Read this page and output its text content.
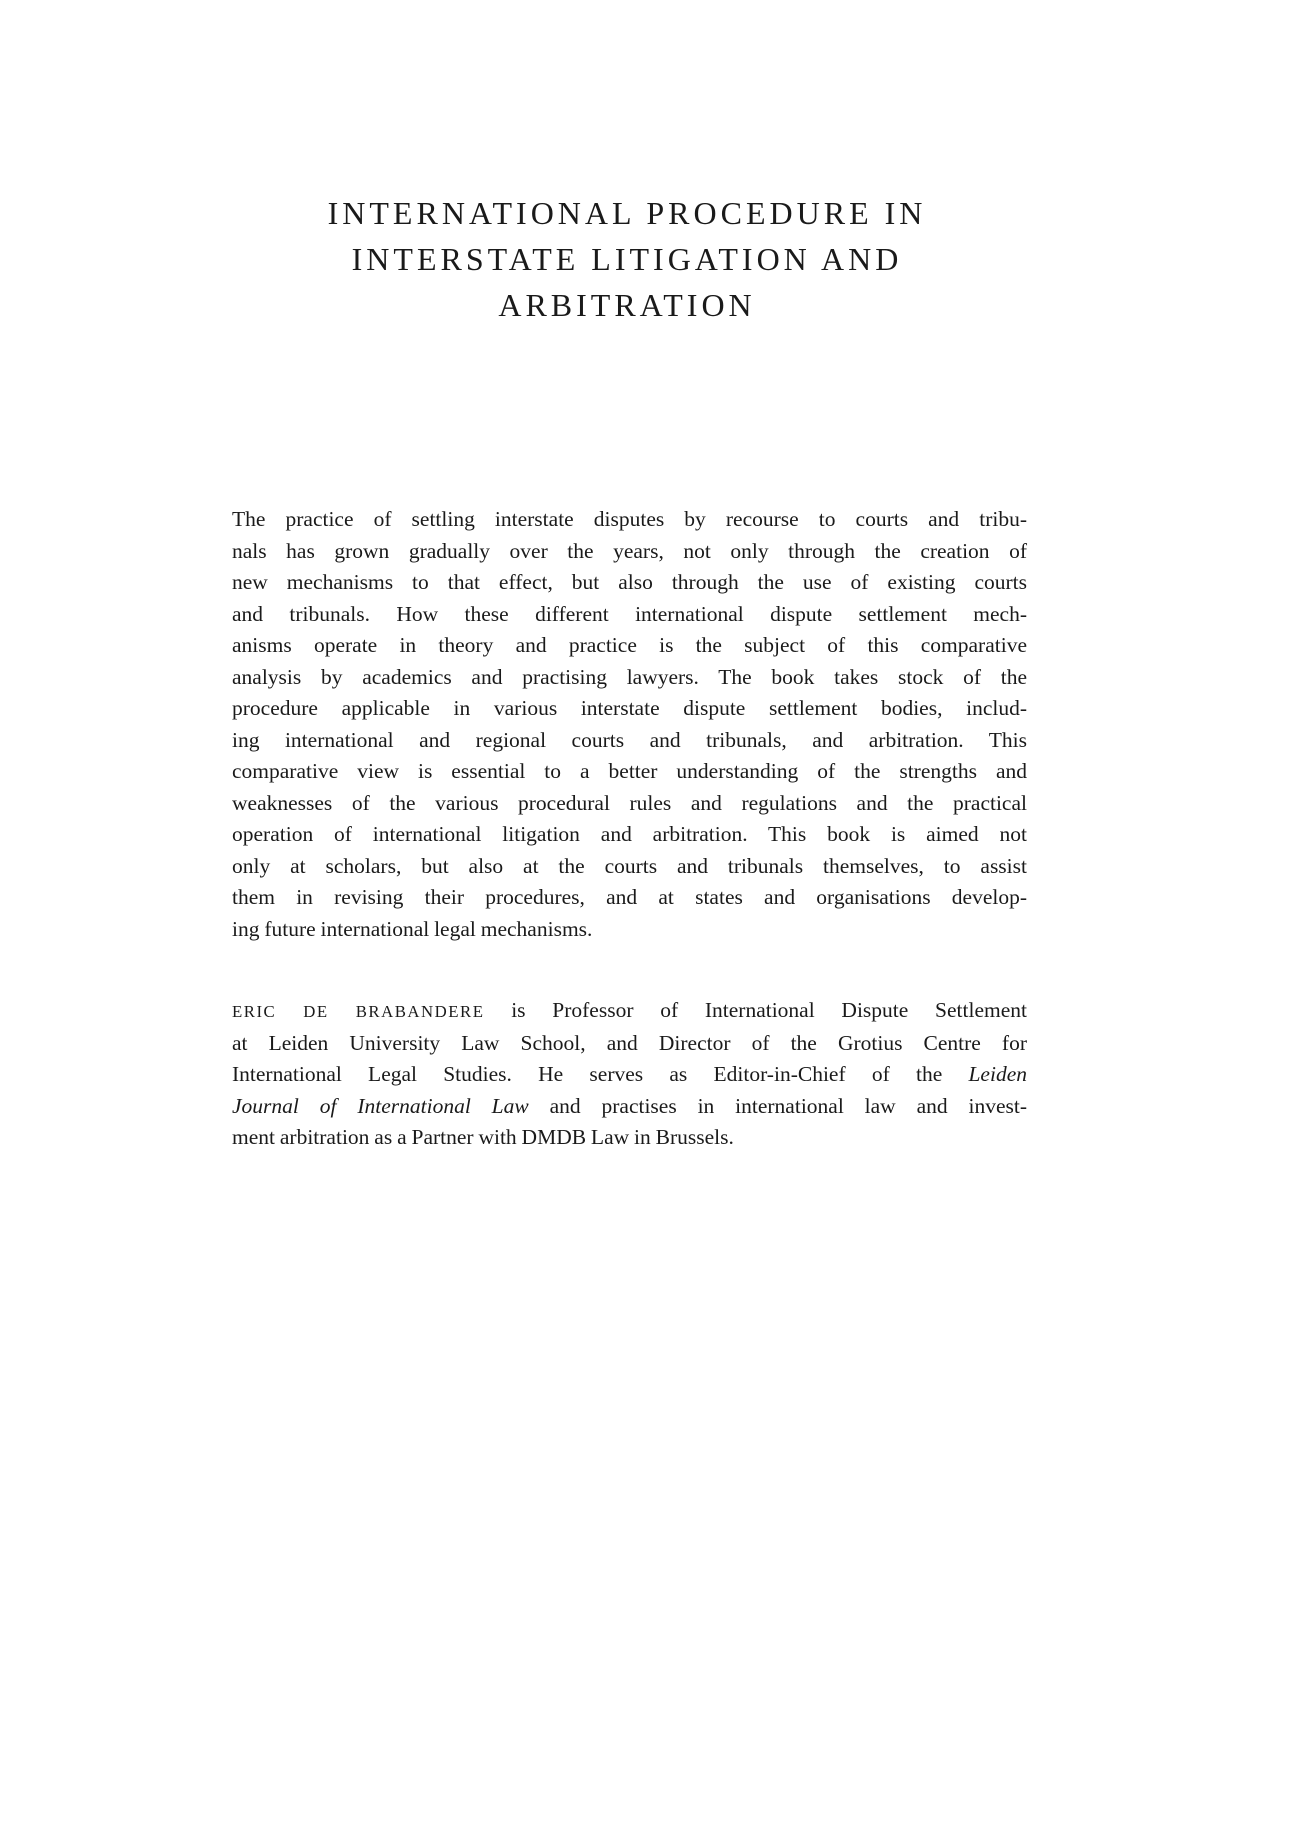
INTERNATIONAL PROCEDURE IN
INTERSTATE LITIGATION AND
ARBITRATION
The practice of settling interstate disputes by recourse to courts and tribu-
nals has grown gradually over the years, not only through the creation of
new mechanisms to that effect, but also through the use of existing courts
and tribunals. How these different international dispute settlement mech-
anisms operate in theory and practice is the subject of this comparative
analysis by academics and practising lawyers. The book takes stock of the
procedure applicable in various interstate dispute settlement bodies, includ-
ing international and regional courts and tribunals, and arbitration. This
comparative view is essential to a better understanding of the strengths and
weaknesses of the various procedural rules and regulations and the practical
operation of international litigation and arbitration. This book is aimed not
only at scholars, but also at the courts and tribunals themselves, to assist
them in revising their procedures, and at states and organisations develop-
ing future international legal mechanisms.
ERIC DE BRABANDERE is Professor of International Dispute Settlement
at Leiden University Law School, and Director of the Grotius Centre for
International Legal Studies. He serves as Editor-in-Chief of the Leiden
Journal of International Law and practises in international law and invest-
ment arbitration as a Partner with DMDB Law in Brussels.
